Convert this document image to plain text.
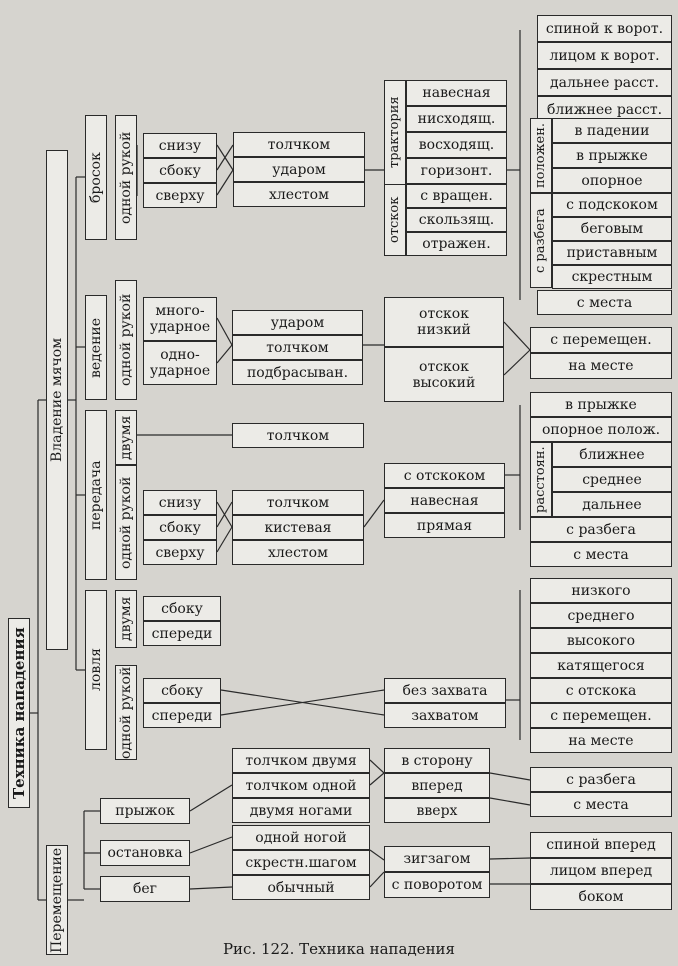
Техника нападения
Владение мячом
Перемещение
бросок
ведение
передача
ловля
прыжок
остановка
бег
одной рукой	снизу
сбоку
сверху
толчком
ударом
хлестом
трактория
навесная
нисходящ.
восходящ.
горизонт.
отскок
с вращен.
скользящ.
отражен.
спиной к ворот.
лицом к ворот.
дальнее расст.
ближнее расст.
положен.	в падении
в прыжке
опорное
с разбега
с подскоком
беговым
приставным
скрестным
с места
одной рукой	много-
ударное
одно-
ударное
ударом
толчком
подбрасыван.
отскок
низкий
отскок
высокий
с перемещен.
на месте
двумя	толчком
одной рукой	снизу
сбоку
сверху
толчком
кистевая
хлестом
с отскоком
навесная
прямая
в прыжке
опорное полож.
расстоян.	ближнее
среднее
дальнее
с разбега
с места
двумя	сбоку
спереди
одной рукой	сбоку
спереди
без захвата
захватом
низкого
среднего
высокого
катящегося
с отскока
с перемещен.
на месте
толчком двумя
толчком одной
двумя ногами
одной ногой
скрестн.шагом
обычный
в сторону
вперед
вверх
с разбега
с места
зигзагом
с поворотом
спиной вперед
лицом вперед
боком
Рис. 122. Техника нападения
